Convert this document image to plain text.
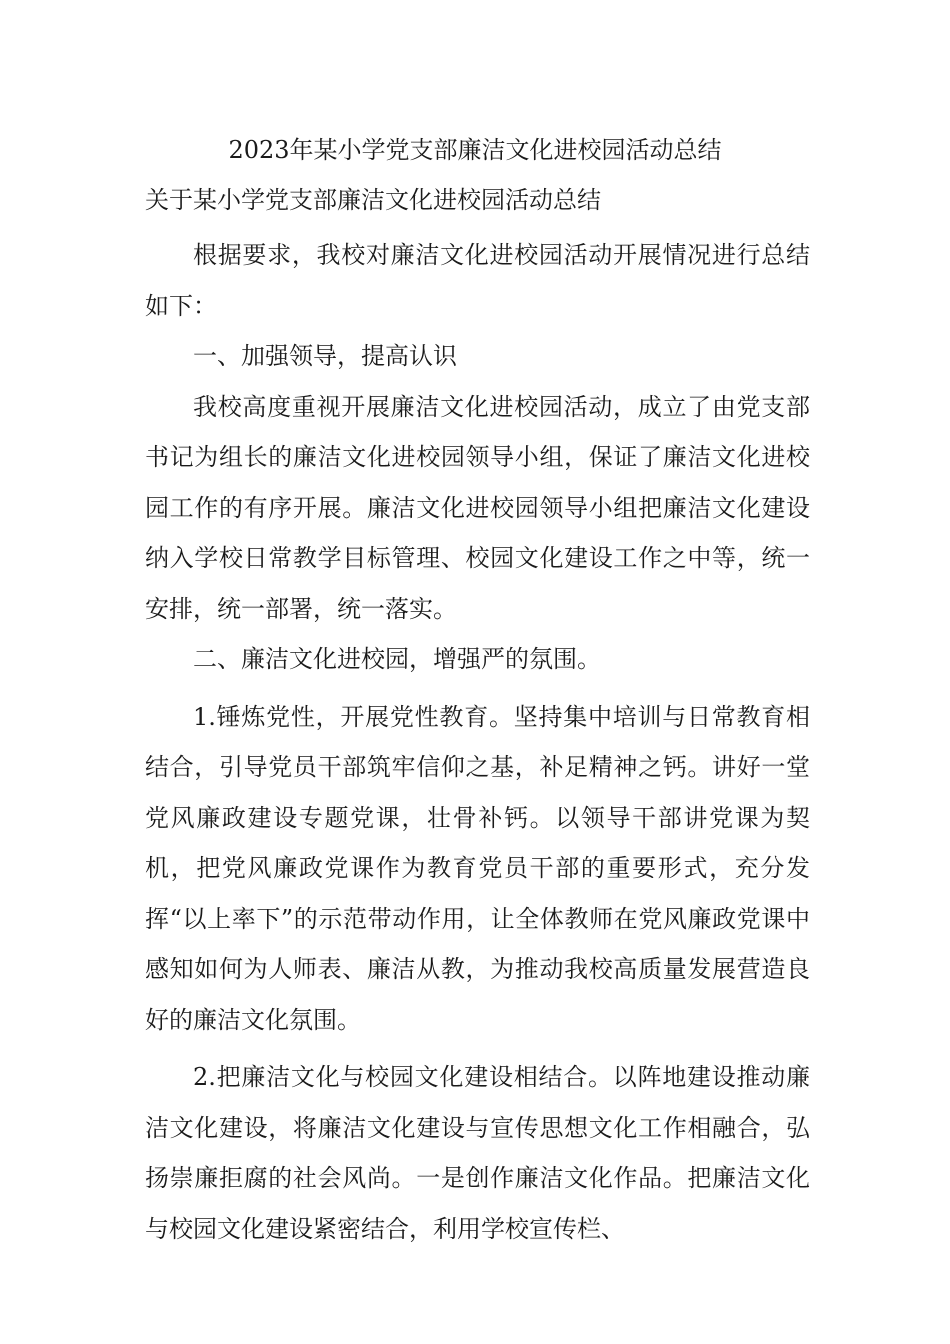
2023年某小学党支部廉洁文化进校园活动总结
关于某小学党支部廉洁文化进校园活动总结

根据要求，我校对廉洁文化进校园活动开展情况进行总结如下：

一、加强领导，提高认识

我校高度重视开展廉洁文化进校园活动，成立了由党支部书记为组长的廉洁文化进校园领导小组，保证了廉洁文化进校园工作的有序开展。廉洁文化进校园领导小组把廉洁文化建设纳入学校日常教学目标管理、校园文化建设工作之中等，统一安排，统一部署，统一落实。

二、廉洁文化进校园，增强严的氛围。

1.锤炼党性，开展党性教育。坚持集中培训与日常教育相结合，引导党员干部筑牢信仰之基，补足精神之钙。讲好一堂党风廉政建设专题党课，壮骨补钙。以领导干部讲党课为契机，把党风廉政党课作为教育党员干部的重要形式，充分发挥“以上率下”的示范带动作用，让全体教师在党风廉政党课中感知如何为人师表、廉洁从教，为推动我校高质量发展营造良好的廉洁文化氛围。

2.把廉洁文化与校园文化建设相结合。以阵地建设推动廉洁文化建设，将廉洁文化建设与宣传思想文化工作相融合，弘扬崇廉拒腐的社会风尚。一是创作廉洁文化作品。把廉洁文化与校园文化建设紧密结合，利用学校宣传栏、
